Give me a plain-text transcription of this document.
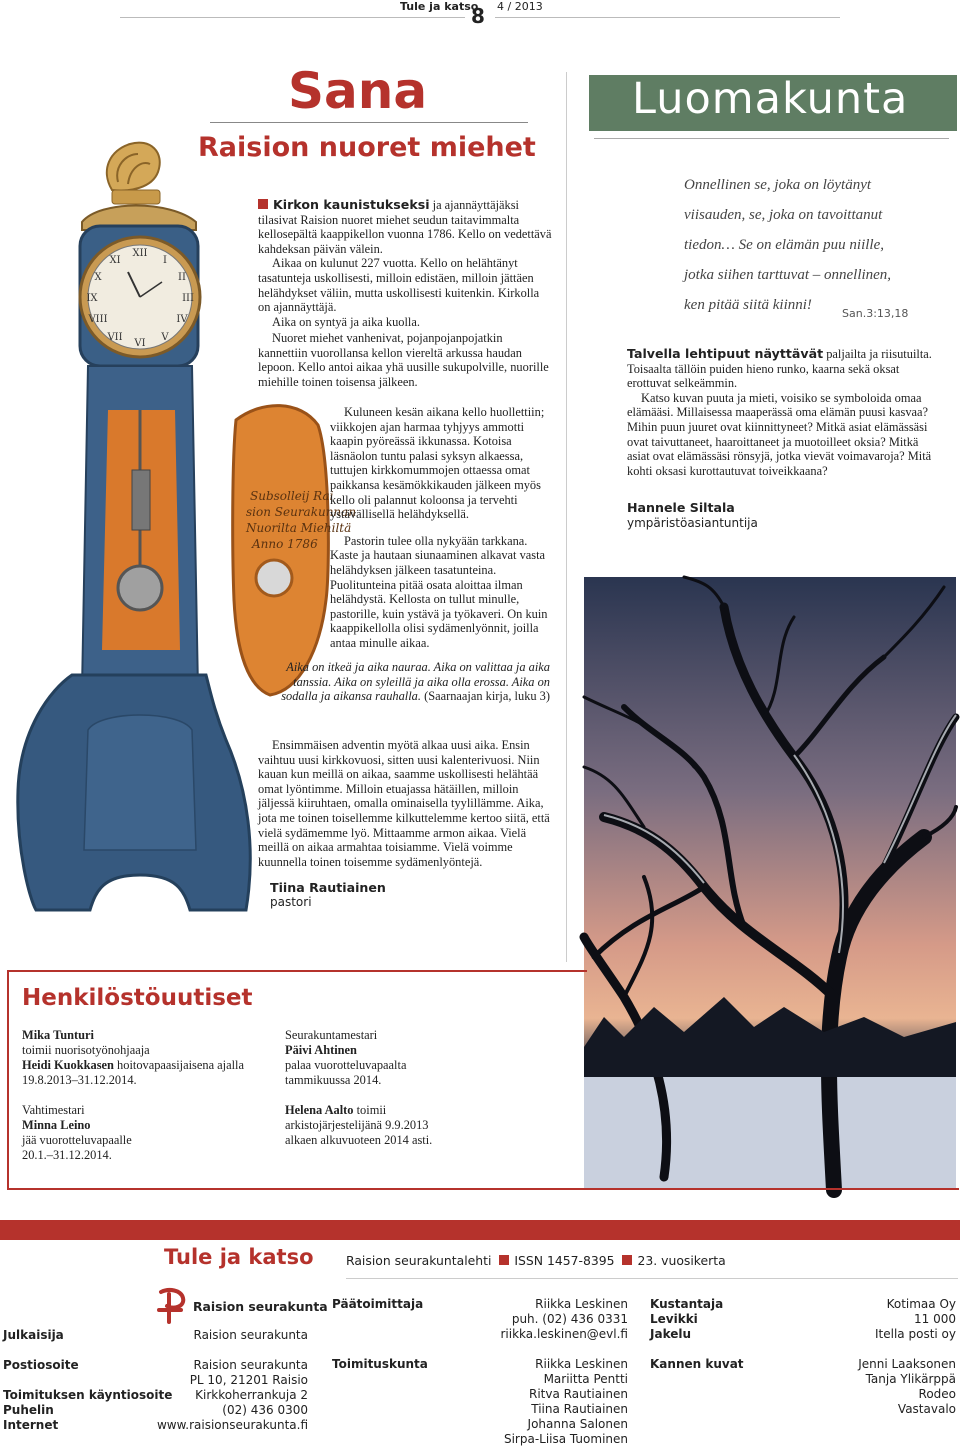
Tule ja katso
8 4 / 2013
Sana
Raision nuoret miehet
XII
I
II
III
IV
V
VI
VII
VIII
IX
X
XI
Subsolleij Rai
sion Seurakunnan
Nuorilta Miehiltä
Anno 1786

Kirkon kaunistukseksi ja ajannäyttäjäksi tilasivat Raision nuoret miehet seudun taitavimmalta kellosepältä kaappikellon vuonna 1786. Kello on vedettävä kahdeksan päivän välein.

Aikaa on kulunut 227 vuotta. Kello on helähtänyt tasatunteja uskollisesti, milloin edistäen, milloin jättäen helähdykset väliin, mutta uskollisesti kuitenkin. Kirkolla on ajannäyttäjä.

Aika on syntyä ja aika kuolla.

Nuoret miehet vanhenivat, pojanpojanpojatkin kannettiin vuorollansa kellon viereltä arkussa haudan lepoon. Kello antoi aikaa yhä uusille sukupolville, nuorille miehille toinen toisensa jälkeen.

Kuluneen kesän aikana kello huollettiin; viikkojen ajan harmaa tyhjyys ammotti kaapin pyöreässä ikkunassa. Kotoisa läsnäolon tuntu palasi syksyn alkaessa, tuttujen kirkkomummojen ottaessa omat paikkansa kesämökkikauden jälkeen myös kello oli palannut koloonsa ja tervehti ystävällisellä helähdyksellä.

Pastorin tulee olla nykyään tarkkana. Kaste ja hautaan siunaaminen alkavat vasta helähdyksen jälkeen tasatunteina. Puolitunteina pitää osata aloittaa ilman helähdystä. Kellosta on tullut minulle, pastorille, kuin ystävä ja työkaveri. On kuin kaappikellolla olisi sydämenlyönnit, joilla antaa minulle aikaa.

Aika on itkeä ja aika nauraa. Aika on valittaa ja aika tanssia. Aika on syleillä ja aika olla erossa. Aika on sodalla ja aikansa rauhalla. (Saarnaajan kirja, luku 3)

Ensimmäisen adventin myötä alkaa uusi aika. Ensin vaihtuu uusi kirkkovuosi, sitten uusi kalenterivuosi. Niin kauan kun meillä on aikaa, saamme uskollisesti helähtää omat lyöntimme. Milloin etuajassa hätäillen, milloin jäljessä kiiruhtaen, omalla ominaisella tyylillämme. Aika, jota me toinen toisellemme kilkuttelemme kertoo siitä, että vielä sydämemme lyö. Mittaamme armon aikaa. Vielä meillä on aikaa armahtaa toisiamme. Vielä voimme kuunnella toinen toisemme sydämenlyöntejä.

Tiina Rautiainen
pastori
Luomakunta
Onnellinen se, joka on löytänyt
viisauden, se, joka on tavoittanut
tiedon… Se on elämän puu niille,
jotka siihen tarttuvat – onnellinen,
ken pitää siitä kiinni!
San.3:13,18

Talvella lehtipuut näyttävät paljailta ja riisutuilta. Toisaalta tällöin puiden hieno runko, kaarna sekä oksat erottuvat selkeämmin.

Katso kuvan puuta ja mieti, voisiko se symboloida omaa elämääsi. Millaisessa maaperässä oma elämän puusi kasvaa? Mihin puun juuret ovat kiinnittyneet? Mitkä asiat elämässäsi ovat taivuttaneet, haaroittaneet ja muotoilleet oksia? Mitkä asiat ovat elämässäsi rönsyjä, jotka vievät voimavaroja? Mitä kohti oksasi kurottautuvat toiveikkaana?

Hannele Siltala
ympäristöasiantuntija
Henkilöstöuutiset
Mika Tunturi
toimii nuorisotyönohjaaja
Heidi Kuokkasen hoitovapaasijaisena ajalla 19.8.2013–31.12.2014.
Vahtimestari
Minna Leino
jää vuorotteluvapaalle 20.1.–31.12.2014.
Seurakuntamestari
Päivi Ahtinen
palaa vuorotteluvapaalta tammikuussa 2014.
Helena Aalto toimii arkistojärjestelijänä 9.9.2013 alkaen alkuvuoteen 2014 asti.
Tule ja katso	Raision seurakuntalehti ISSN 1457-8395 23. vuosikerta
Raision seurakunta
Julkaisija	Raision seurakunta
Postiosoite	Raision seurakunta
PL 10, 21201 Raisio
Toimituksen käyntiosoite Kirkkoherrankuja 2
Puhelin	(02) 436 0300
Internet	www.raisionseurakunta.fi
Päätoimittaja	Riikka Leskinen
puh. (02) 436 0331
riikka.leskinen@evl.fi
Toimituskunta	Riikka Leskinen
Mariitta Pentti
Ritva Rautiainen
Tiina Rautiainen
Johanna Salonen
Sirpa-Liisa Tuominen
Kustantaja	Kotimaa Oy
Levikki	11 000
Jakelu	Itella posti oy
Kannen kuvat	Jenni Laaksonen
Tanja Ylikärppä
Rodeo
Vastavalo
